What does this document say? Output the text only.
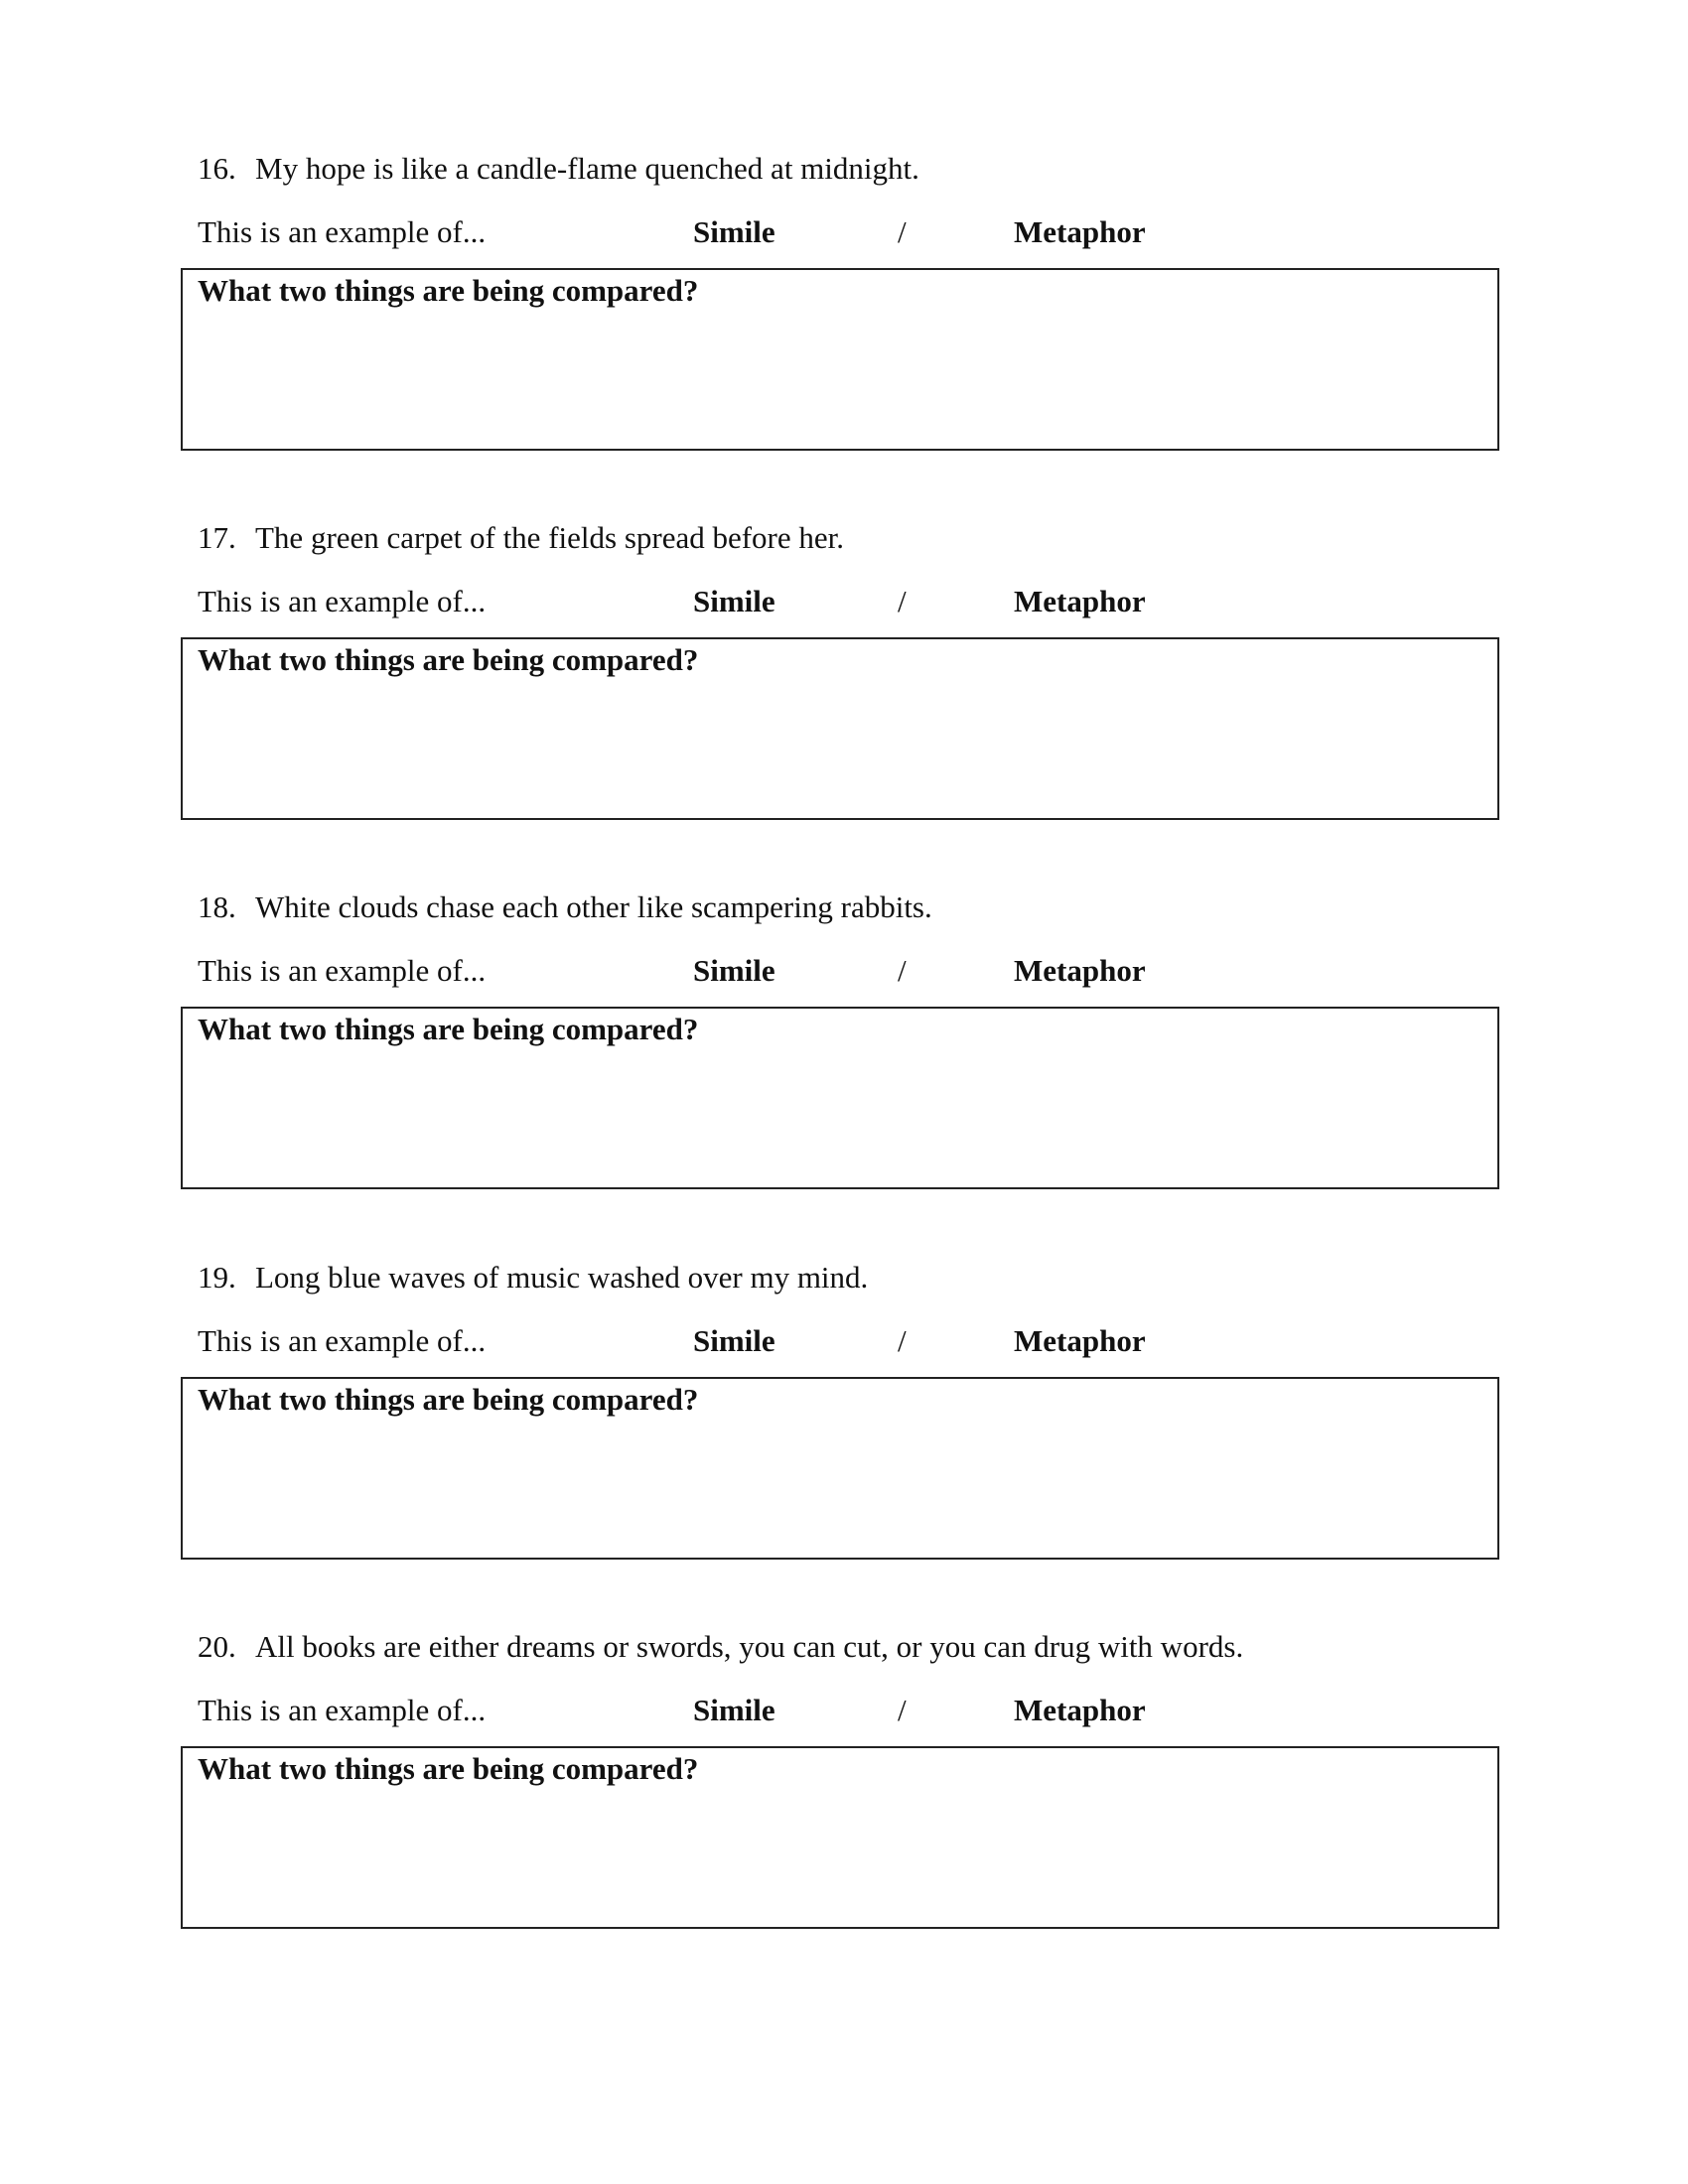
16. My hope is like a candle-flame quenched at midnight.
This is an example of...	Simile	/	Metaphor
What two things are being compared?
17. The green carpet of the fields spread before her.
This is an example of...	Simile	/	Metaphor
What two things are being compared?
18. White clouds chase each other like scampering rabbits.
This is an example of...	Simile	/	Metaphor
What two things are being compared?
19. Long blue waves of music washed over my mind.
This is an example of...	Simile	/	Metaphor
What two things are being compared?
20. All books are either dreams or swords, you can cut, or you can drug with words.
This is an example of...	Simile	/	Metaphor
What two things are being compared?
